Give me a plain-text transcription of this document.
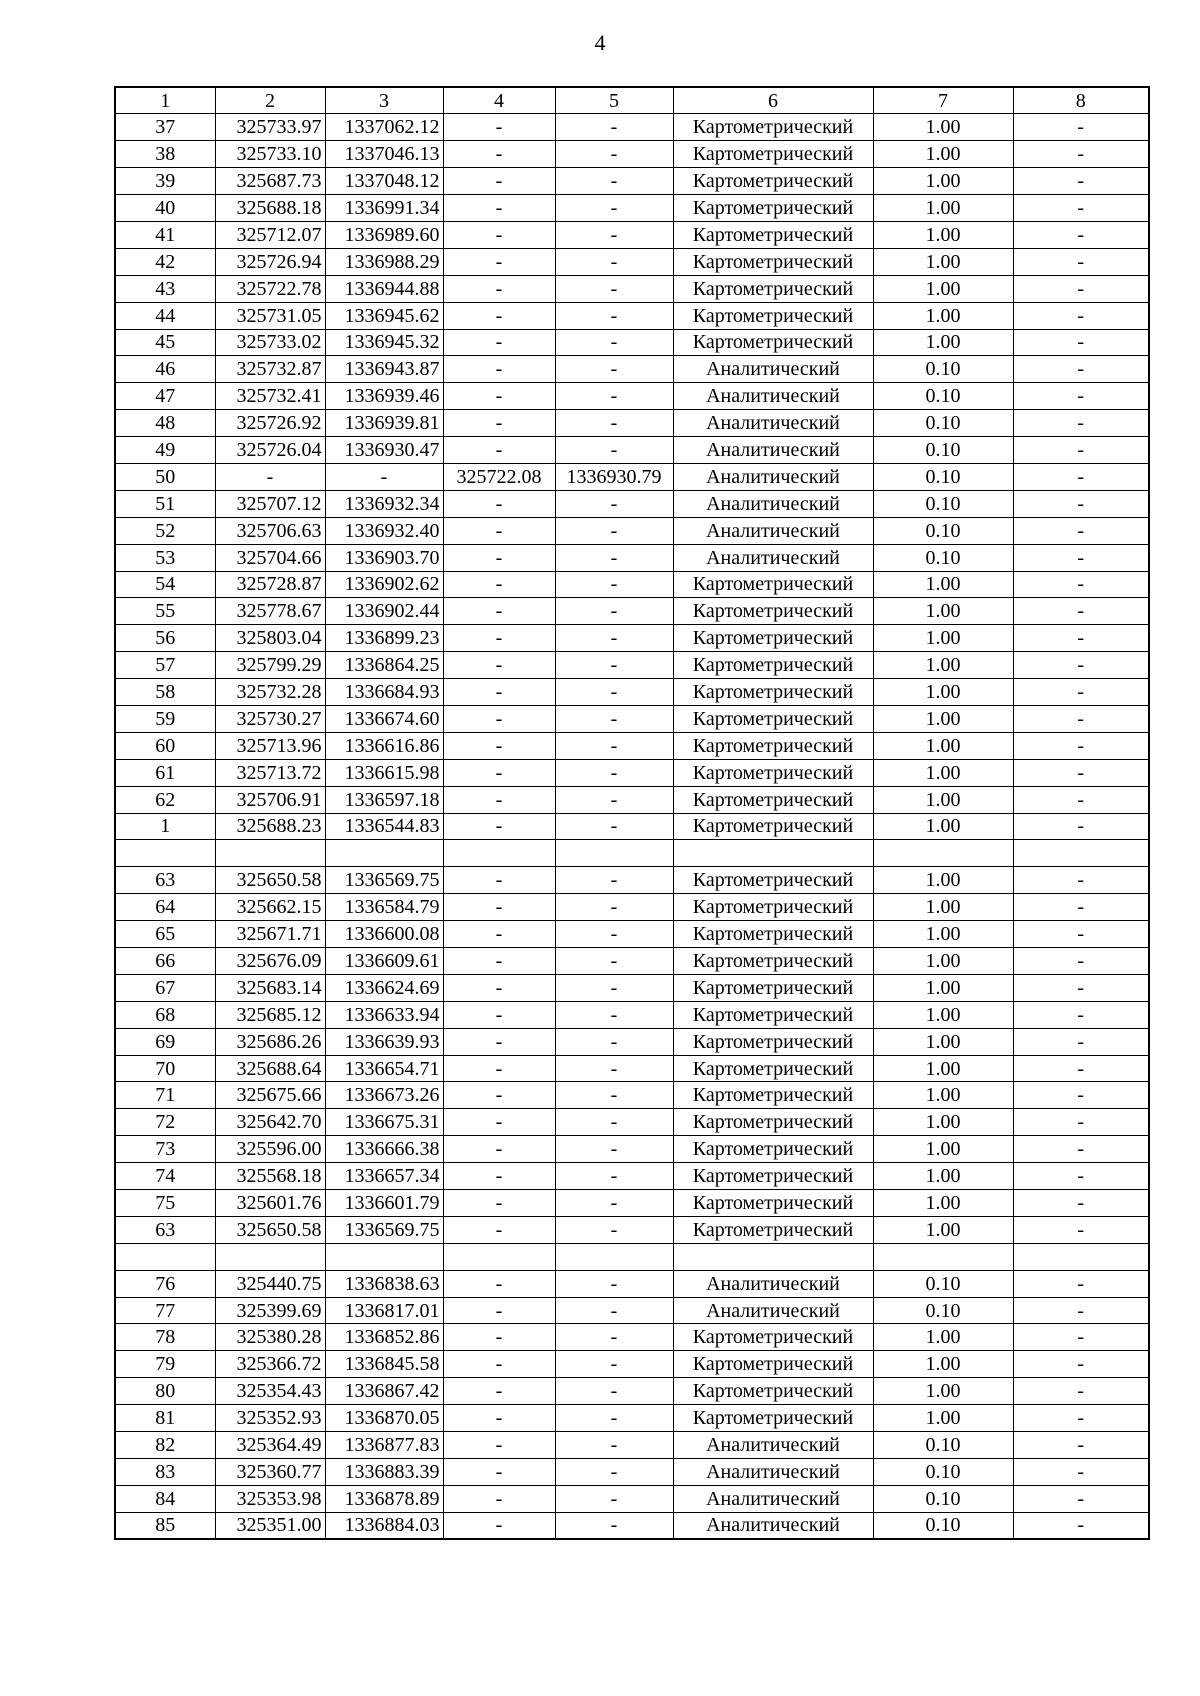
4
1	2	3	4	5	6	7	8
37	325733.97	1337062.12	-	-	Картометрический	1.00	-
38	325733.10	1337046.13	-	-	Картометрический	1.00	-
39	325687.73	1337048.12	-	-	Картометрический	1.00	-
40	325688.18	1336991.34	-	-	Картометрический	1.00	-
41	325712.07	1336989.60	-	-	Картометрический	1.00	-
42	325726.94	1336988.29	-	-	Картометрический	1.00	-
43	325722.78	1336944.88	-	-	Картометрический	1.00	-
44	325731.05	1336945.62	-	-	Картометрический	1.00	-
45	325733.02	1336945.32	-	-	Картометрический	1.00	-
46	325732.87	1336943.87	-	-	Аналитический	0.10	-
47	325732.41	1336939.46	-	-	Аналитический	0.10	-
48	325726.92	1336939.81	-	-	Аналитический	0.10	-
49	325726.04	1336930.47	-	-	Аналитический	0.10	-
50	-	-	325722.08	1336930.79	Аналитический	0.10	-
51	325707.12	1336932.34	-	-	Аналитический	0.10	-
52	325706.63	1336932.40	-	-	Аналитический	0.10	-
53	325704.66	1336903.70	-	-	Аналитический	0.10	-
54	325728.87	1336902.62	-	-	Картометрический	1.00	-
55	325778.67	1336902.44	-	-	Картометрический	1.00	-
56	325803.04	1336899.23	-	-	Картометрический	1.00	-
57	325799.29	1336864.25	-	-	Картометрический	1.00	-
58	325732.28	1336684.93	-	-	Картометрический	1.00	-
59	325730.27	1336674.60	-	-	Картометрический	1.00	-
60	325713.96	1336616.86	-	-	Картометрический	1.00	-
61	325713.72	1336615.98	-	-	Картометрический	1.00	-
62	325706.91	1336597.18	-	-	Картометрический	1.00	-
1	325688.23	1336544.83	-	-	Картометрический	1.00	-

63	325650.58	1336569.75	-	-	Картометрический	1.00	-
64	325662.15	1336584.79	-	-	Картометрический	1.00	-
65	325671.71	1336600.08	-	-	Картометрический	1.00	-
66	325676.09	1336609.61	-	-	Картометрический	1.00	-
67	325683.14	1336624.69	-	-	Картометрический	1.00	-
68	325685.12	1336633.94	-	-	Картометрический	1.00	-
69	325686.26	1336639.93	-	-	Картометрический	1.00	-
70	325688.64	1336654.71	-	-	Картометрический	1.00	-
71	325675.66	1336673.26	-	-	Картометрический	1.00	-
72	325642.70	1336675.31	-	-	Картометрический	1.00	-
73	325596.00	1336666.38	-	-	Картометрический	1.00	-
74	325568.18	1336657.34	-	-	Картометрический	1.00	-
75	325601.76	1336601.79	-	-	Картометрический	1.00	-
63	325650.58	1336569.75	-	-	Картометрический	1.00	-

76	325440.75	1336838.63	-	-	Аналитический	0.10	-
77	325399.69	1336817.01	-	-	Аналитический	0.10	-
78	325380.28	1336852.86	-	-	Картометрический	1.00	-
79	325366.72	1336845.58	-	-	Картометрический	1.00	-
80	325354.43	1336867.42	-	-	Картометрический	1.00	-
81	325352.93	1336870.05	-	-	Картометрический	1.00	-
82	325364.49	1336877.83	-	-	Аналитический	0.10	-
83	325360.77	1336883.39	-	-	Аналитический	0.10	-
84	325353.98	1336878.89	-	-	Аналитический	0.10	-
85	325351.00	1336884.03	-	-	Аналитический	0.10	-
